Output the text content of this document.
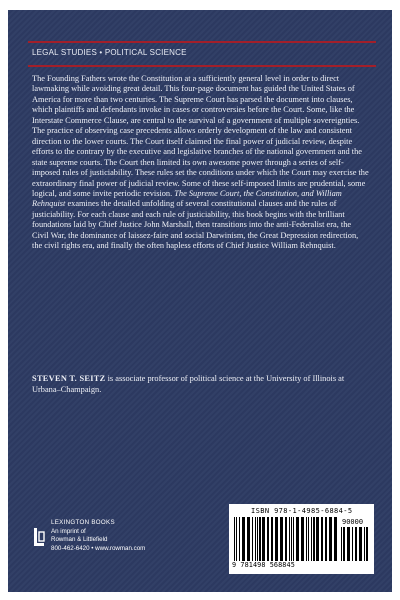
LEGAL STUDIES • POLITICAL SCIENCE

The Founding Fathers wrote the Constitution at a sufficiently general level in order to direct lawmaking while avoiding great detail. This four-page document has guided the United States of America for more than two centuries. The Supreme Court has parsed the document into clauses, which plaintiffs and defendants invoke in cases or controversies before the Court. Some, like the Interstate Commerce Clause, are central to the survival of a government of multiple sovereignties. The practice of observing case precedents allows orderly development of the law and consistent direction to the lower courts. The Court itself claimed the final power of judicial review, despite efforts to the contrary by the executive and legislative branches of the national government and the state supreme courts. The Court then limited its own awesome power through a series of self-imposed rules of justiciability. These rules set the conditions under which the Court may exercise the extraordinary final power of judicial review. Some of these self-imposed limits are prudential, some logical, and some invite periodic revision. The Supreme Court, the Constitution, and William Rehnquist examines the detailed unfolding of several constitutional clauses and the rules of justiciability. For each clause and each rule of justiciability, this book begins with the brilliant foundations laid by Chief Justice John Marshall, then transitions into the anti-Federalist era, the Civil War, the dominance of laissez-faire and social Darwinism, the Great Depression redirection, the civil rights era, and finally the often hapless efforts of Chief Justice William Rehnquist.

STEVEN T. SEITZ is associate professor of political science at the University of Illinois at Urbana–Champaign.

LEXINGTON BOOKS
An imprint of
Rowman & Littlefield
800-462-6420 • www.rowman.com
ISBN 978-1-4985-6884-5
90000
9 781498 568845
